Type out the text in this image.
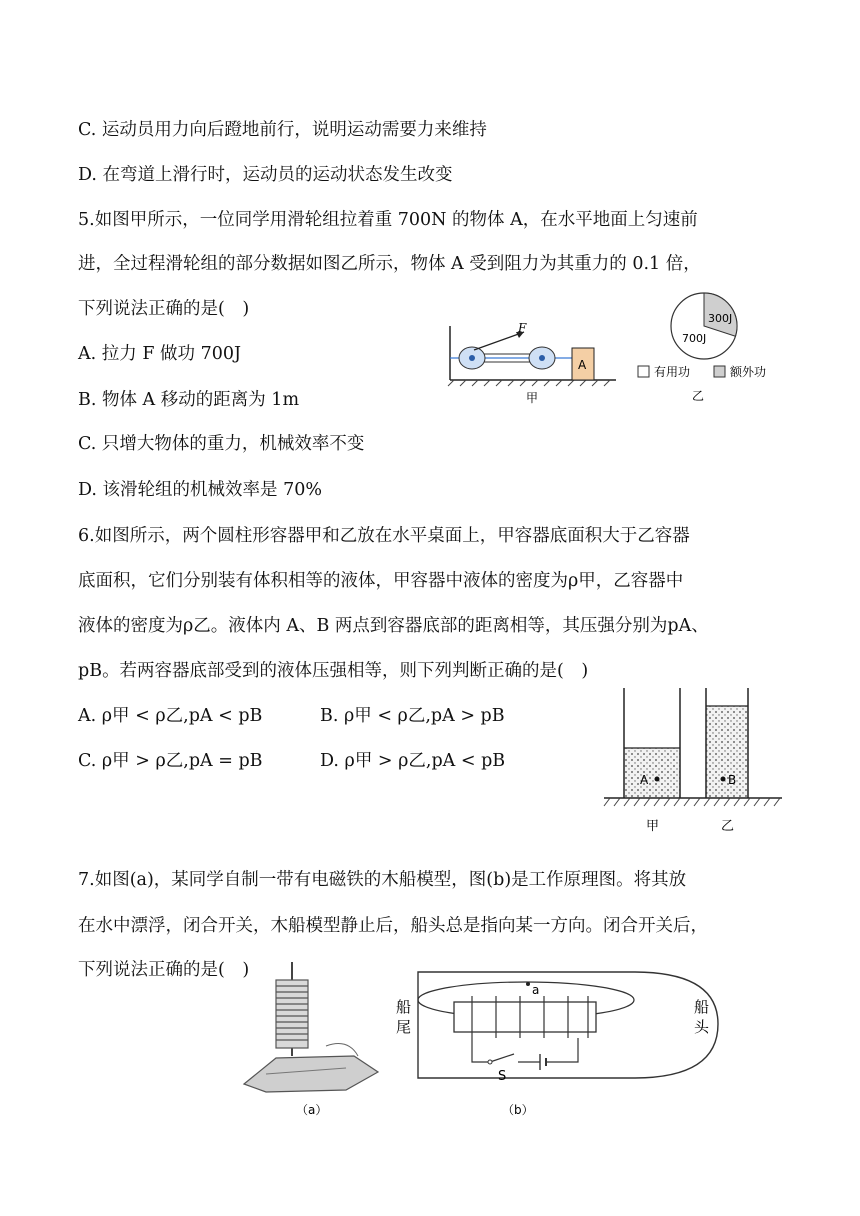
C. 运动员用力向后蹬地前行，说明运动需要力来维持
D. 在弯道上滑行时，运动员的运动状态发生改变
5.如图甲所示，一位同学用滑轮组拉着重 700N 的物体 A，在水平地面上匀速前
进，全过程滑轮组的部分数据如图乙所示，物体 A 受到阻力为其重力的 0.1 倍，
下列说法正确的是(　)
A. 拉力 F 做功 700J
B. 物体 A 移动的距离为 1m
C. 只增大物体的重力，机械效率不变
D. 该滑轮组的机械效率是 70%
F
A
甲
300J
700J
有用功	额外功
乙
6.如图所示，两个圆柱形容器甲和乙放在水平桌面上，甲容器底面积大于乙容器
底面积，它们分别装有体积相等的液体，甲容器中液体的密度为ρ甲，乙容器中
液体的密度为ρ乙。液体内 A、B 两点到容器底部的距离相等，其压强分别为pA、
pB。若两容器底部受到的液体压强相等，则下列判断正确的是(　)
A. ρ甲 < ρ乙,pA < pB	B. ρ甲 < ρ乙,pA > pB
C. ρ甲 > ρ乙,pA = pB	D. ρ甲 > ρ乙,pA < pB
A	B
甲	乙
7.如图(a)，某同学自制一带有电磁铁的木船模型，图(b)是工作原理图。将其放
在水中漂浮，闭合开关，木船模型静止后，船头总是指向某一方向。闭合开关后，
下列说法正确的是(　)
（a）
船
尾
船
头
a
S
（b）
